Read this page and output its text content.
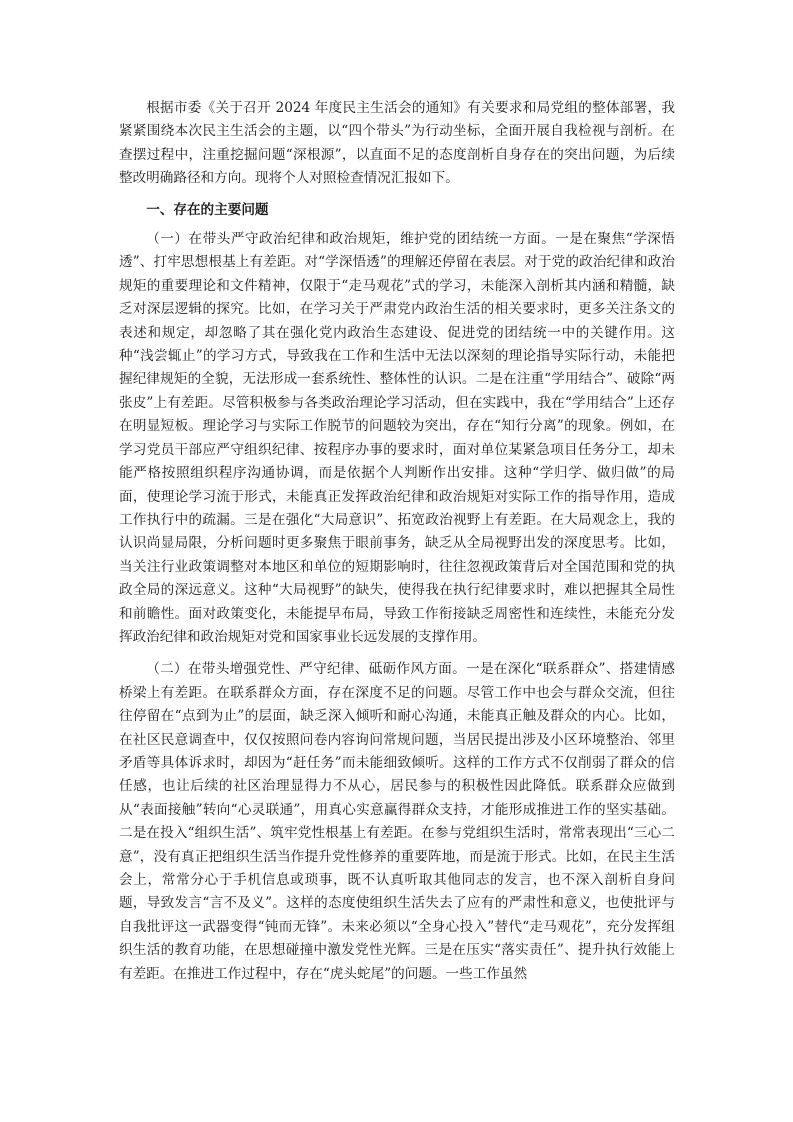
根据市委《关于召开 2024 年度民主生活会的通知》有关要求和局党组的整体部署，我紧紧围绕本次民主生活会的主题，以“四个带头”为行动坐标，全面开展自我检视与剖析。在查摆过程中，注重挖掘问题“深根源”，以直面不足的态度剖析自身存在的突出问题，为后续整改明确路径和方向。现将个人对照检查情况汇报如下。

一、存在的主要问题

（一）在带头严守政治纪律和政治规矩，维护党的团结统一方面。一是在聚焦“学深悟透”、打牢思想根基上有差距。对“学深悟透”的理解还停留在表层。对于党的政治纪律和政治规矩的重要理论和文件精神，仅限于“走马观花”式的学习，未能深入剖析其内涵和精髓，缺乏对深层逻辑的探究。比如，在学习关于严肃党内政治生活的相关要求时，更多关注条文的表述和规定，却忽略了其在强化党内政治生态建设、促进党的团结统一中的关键作用。这种“浅尝辄止”的学习方式，导致我在工作和生活中无法以深刻的理论指导实际行动，未能把握纪律规矩的全貌，无法形成一套系统性、整体性的认识。二是在注重“学用结合”、破除“两张皮”上有差距。尽管积极参与各类政治理论学习活动，但在实践中，我在“学用结合”上还存在明显短板。理论学习与实际工作脱节的问题较为突出，存在“知行分离”的现象。例如，在学习党员干部应严守组织纪律、按程序办事的要求时，面对单位某紧急项目任务分工，却未能严格按照组织程序沟通协调，而是依据个人判断作出安排。这种“学归学、做归做”的局面，使理论学习流于形式，未能真正发挥政治纪律和政治规矩对实际工作的指导作用，造成工作执行中的疏漏。三是在强化“大局意识”、拓宽政治视野上有差距。在大局观念上，我的认识尚显局限，分析问题时更多聚焦于眼前事务，缺乏从全局视野出发的深度思考。比如，当关注行业政策调整对本地区和单位的短期影响时，往往忽视政策背后对全国范围和党的执政全局的深远意义。这种“大局视野”的缺失，使得我在执行纪律要求时，难以把握其全局性和前瞻性。面对政策变化，未能提早布局，导致工作衔接缺乏周密性和连续性，未能充分发挥政治纪律和政治规矩对党和国家事业长远发展的支撑作用。

（二）在带头增强党性、严守纪律、砥砺作风方面。一是在深化“联系群众”、搭建情感桥梁上有差距。在联系群众方面，存在深度不足的问题。尽管工作中也会与群众交流，但往往停留在“点到为止”的层面，缺乏深入倾听和耐心沟通，未能真正触及群众的内心。比如，在社区民意调查中，仅仅按照问卷内容询问常规问题，当居民提出涉及小区环境整治、邻里矛盾等具体诉求时，却因为“赶任务”而未能细致倾听。这样的工作方式不仅削弱了群众的信任感，也让后续的社区治理显得力不从心，居民参与的积极性因此降低。联系群众应做到从“表面接触”转向“心灵联通”，用真心实意赢得群众支持，才能形成推进工作的坚实基础。二是在投入“组织生活”、筑牢党性根基上有差距。在参与党组织生活时，常常表现出“三心二意”，没有真正把组织生活当作提升党性修养的重要阵地，而是流于形式。比如，在民主生活会上，常常分心于手机信息或琐事，既不认真听取其他同志的发言，也不深入剖析自身问题，导致发言“言不及义”。这样的态度使组织生活失去了应有的严肃性和意义，也使批评与自我批评这一武器变得“钝而无锋”。未来必须以“全身心投入”替代“走马观花”，充分发挥组织生活的教育功能，在思想碰撞中激发党性光辉。三是在压实“落实责任”、提升执行效能上有差距。在推进工作过程中，存在“虎头蛇尾”的问题。一些工作虽然
